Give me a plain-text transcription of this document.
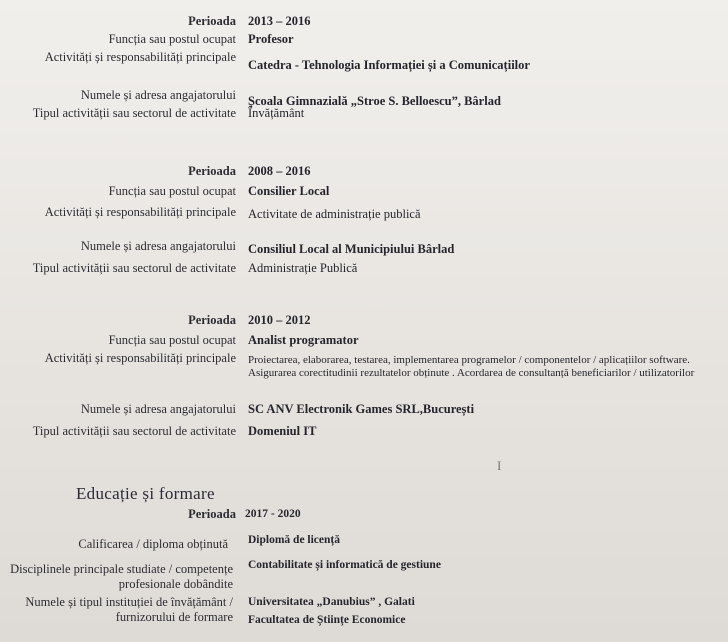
Perioada 2013 – 2016
Funcția sau postul ocupat Profesor
Activități și responsabilități principale
Catedra - Tehnologia Informației și a Comunicațiilor
Numele și adresa angajatorului Școala Gimnazială „Stroe S. Belloescu”, Bârlad
Tipul activității sau sectorul de activitate Învățământ
Perioada 2008 – 2016
Funcția sau postul ocupat Consilier Local
Activități și responsabilități principale Activitate de administrație publică
Numele și adresa angajatorului Consiliul Local al Municipiului Bârlad
Tipul activității sau sectorul de activitate Administrație Publică
Perioada 2010 – 2012
Funcția sau postul ocupat Analist programator
Activități și responsabilități principale Proiectarea, elaborarea, testarea, implementarea programelor / componentelor / aplicațiilor software. Asigurarea corectitudinii rezultatelor obținute . Acordarea de consultanță beneficiarilor / utilizatorilor
Numele și adresa angajatorului SC ANV Electronik Games SRL,București
Tipul activității sau sectorul de activitate Domeniul IT
I
Educație și formare
Perioada 2017 - 2020
Calificarea / diploma obținută Diplomă de licență
Disciplinele principale studiate / competențe profesionale dobândite
Contabilitate și informatică de gestiune
Numele și tipul instituției de învățământ / furnizorului de formare
Universitatea „Danubius” , Galati
Facultatea de Științe Economice
